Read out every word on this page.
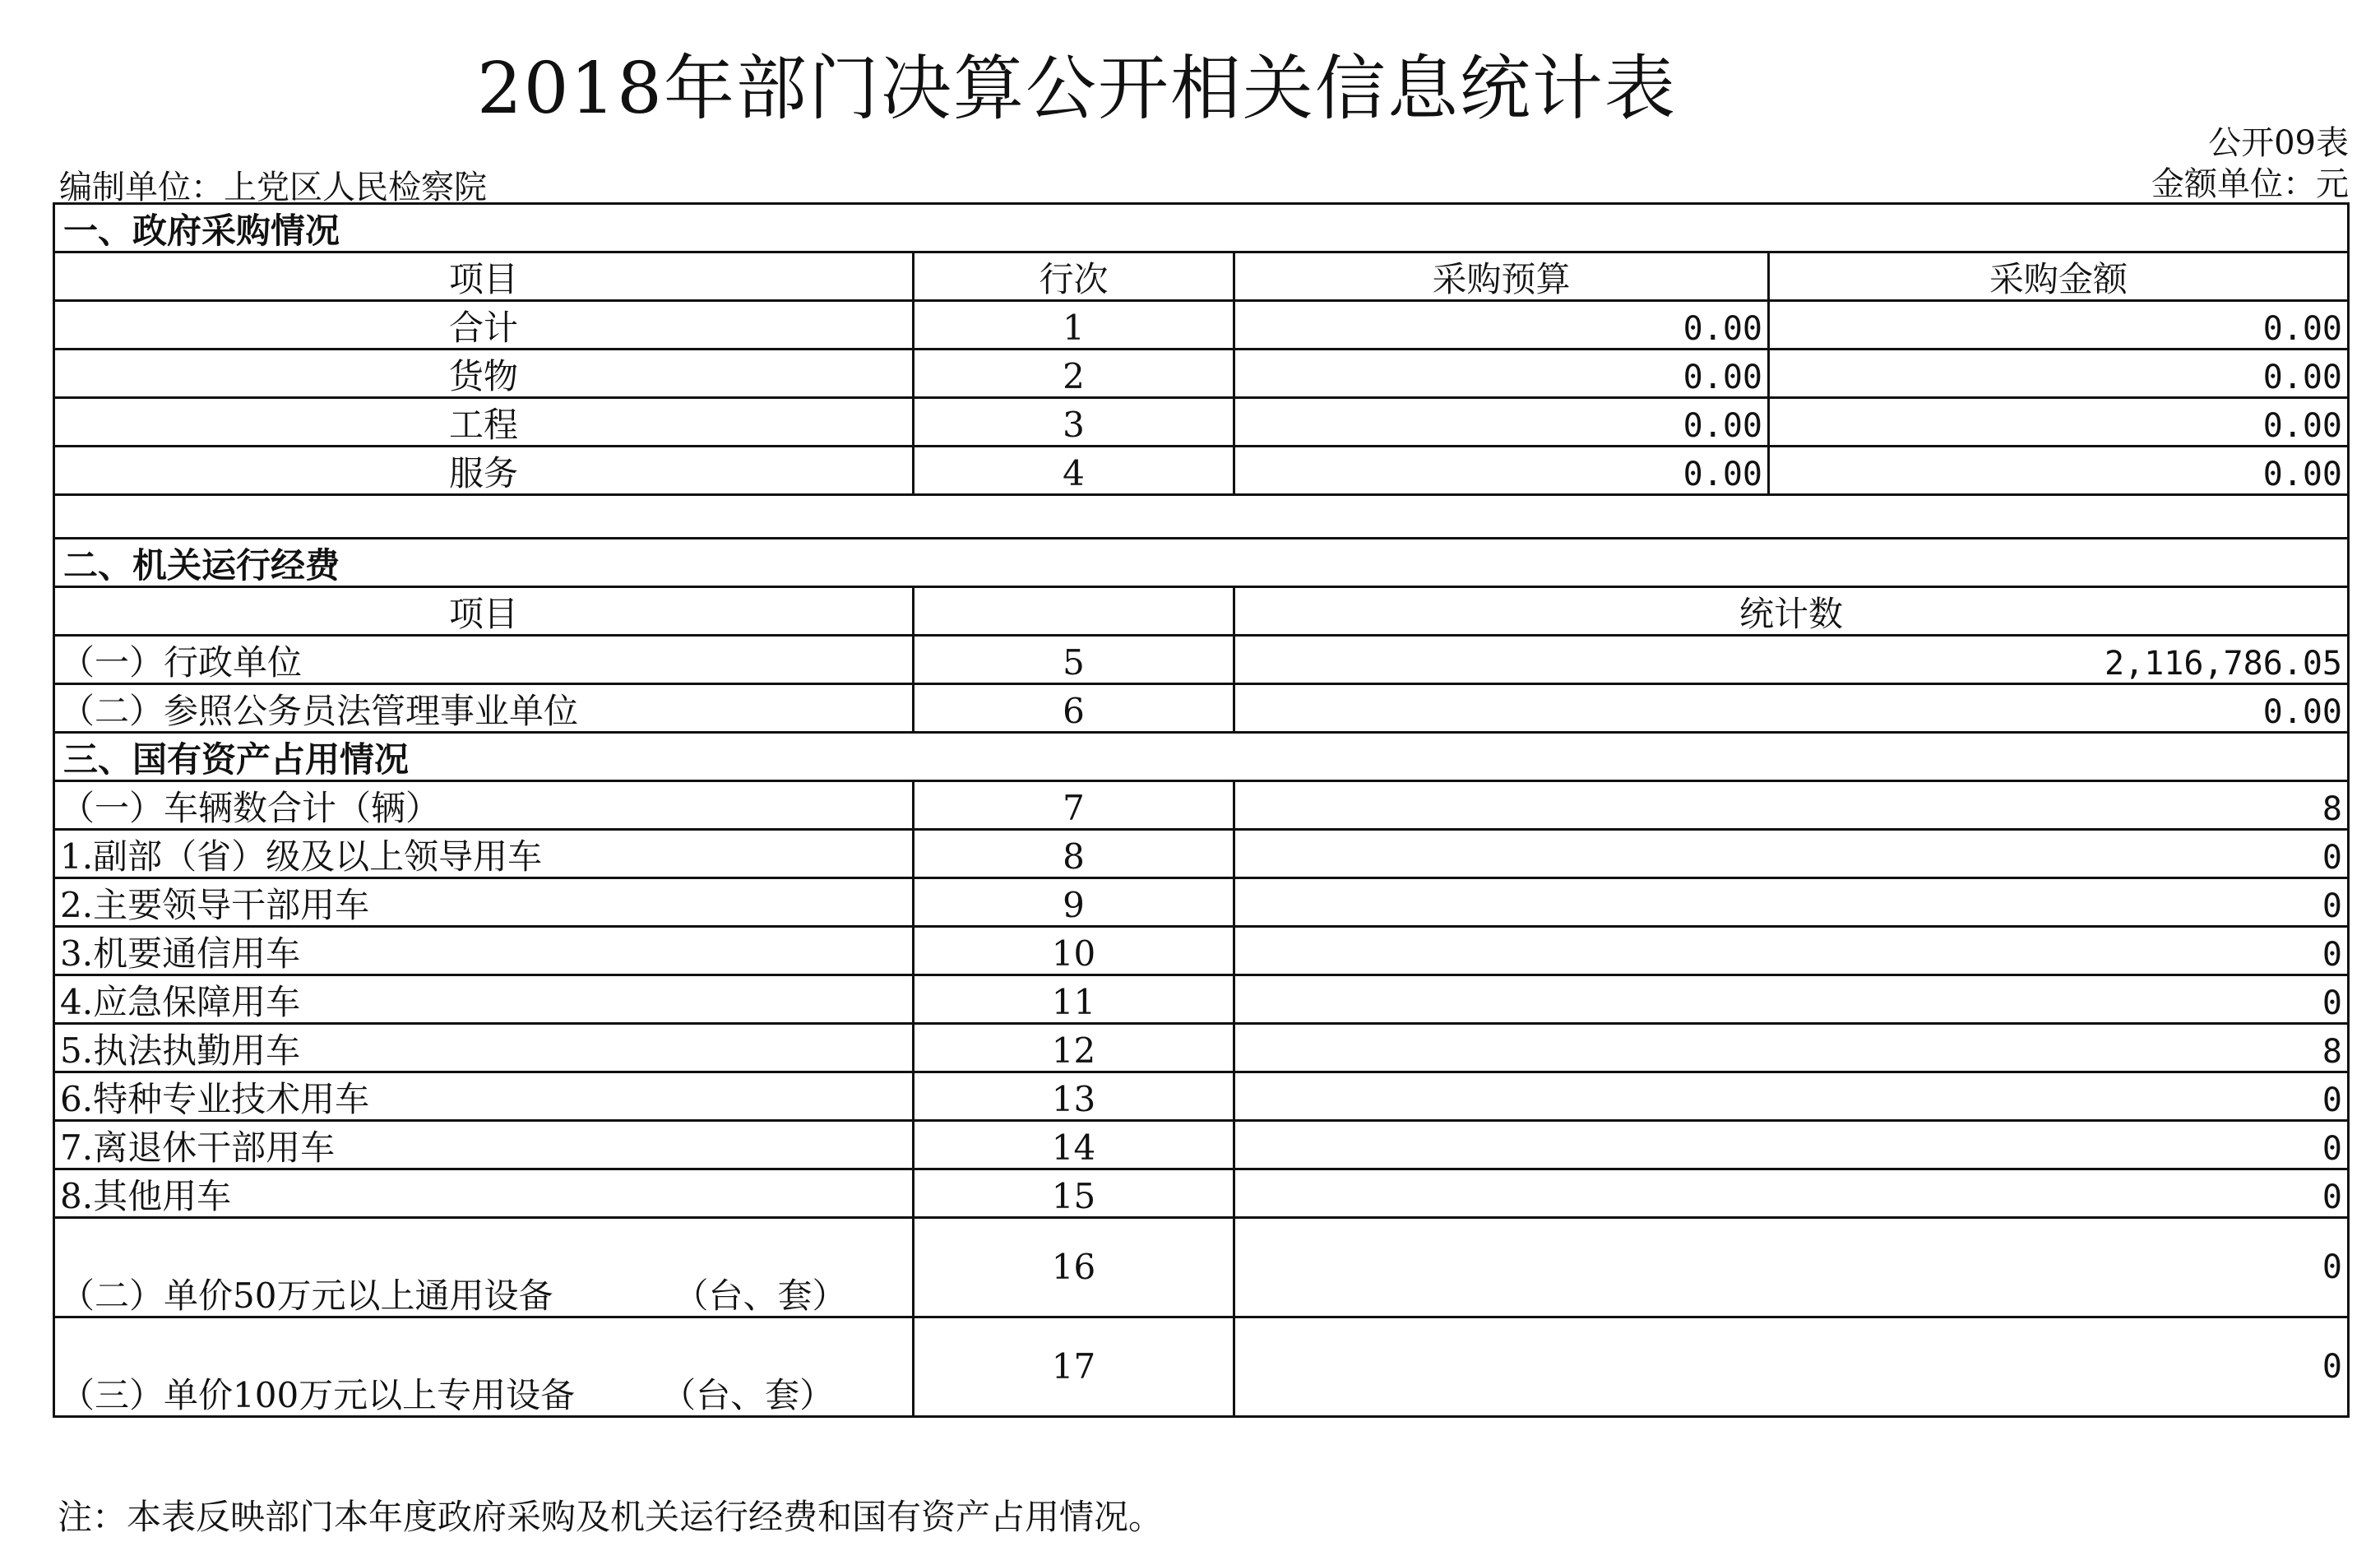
2018年部门决算公开相关信息统计表
公开09表
编制单位：上党区人民检察院	金额单位：元
一、政府采购情况			
项目	行次	采购预算	采购金额
合计	1	0.00	0.00
货物	2	0.00	0.00
工程	3	0.00	0.00
服务	4	0.00	0.00

二、机关运行经费			
项目		统计数	
（一）行政单位	5	2,116,786.05	
（二）参照公务员法管理事业单位	6	0.00	
三、国有资产占用情况			
（一）车辆数合计（辆）	7	8	
1.副部（省）级及以上领导用车	8	0	
2.主要领导干部用车	9	0	
3.机要通信用车	10	0	
4.应急保障用车	11	0	
5.执法执勤用车	12	8	
6.特种专业技术用车	13	0	
7.离退休干部用车	14	0	
8.其他用车	15	0	
（二）单价50万元以上通用设备　　　　（台、套）	16	0	
（三）单价100万元以上专用设备　　　（台、套）	17	0	
注：本表反映部门本年度政府采购及机关运行经费和国有资产占用情况。
